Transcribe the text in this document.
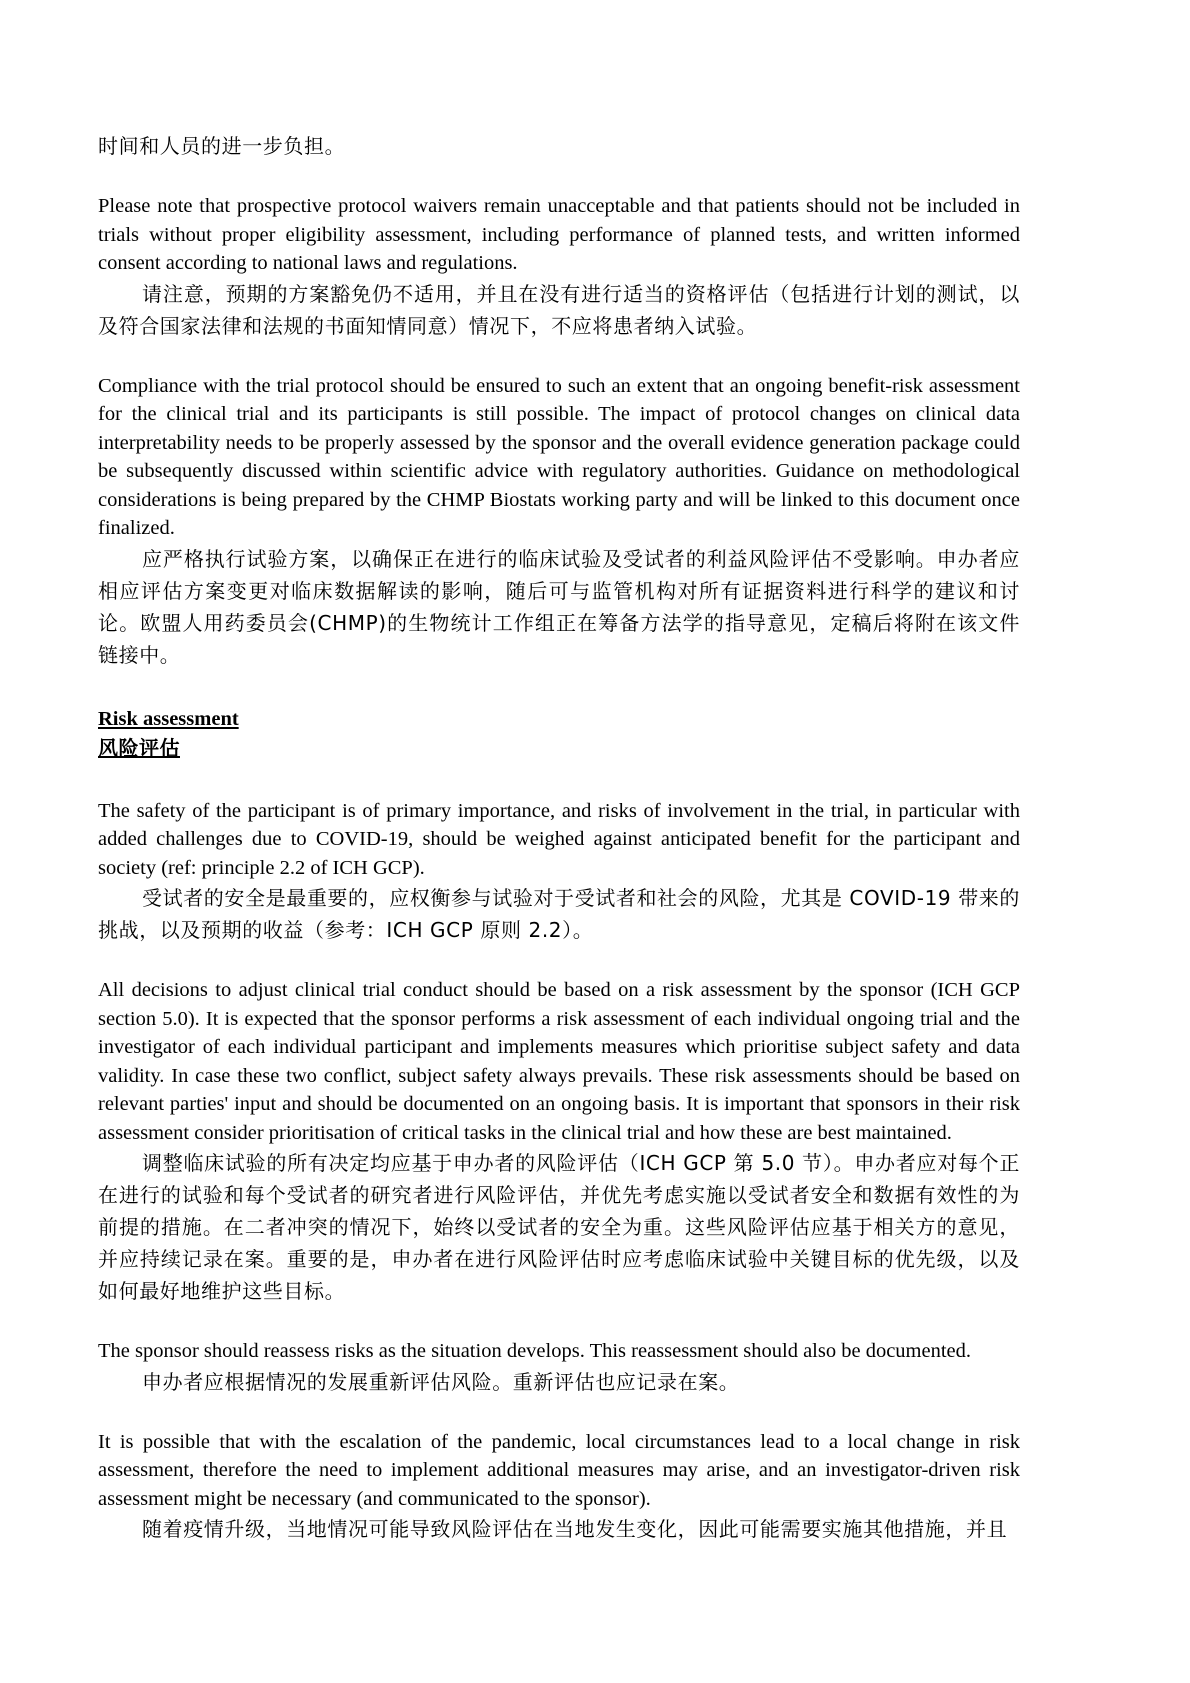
时间和人员的进一步负担。

Please note that prospective protocol waivers remain unacceptable and that patients should not be included in trials without proper eligibility assessment, including performance of planned tests, and written informed consent according to national laws and regulations.

请注意，预期的方案豁免仍不适用，并且在没有进行适当的资格评估（包括进行计划的测试，以及符合国家法律和法规的书面知情同意）情况下，不应将患者纳入试验。

Compliance with the trial protocol should be ensured to such an extent that an ongoing benefit-risk assessment for the clinical trial and its participants is still possible. The impact of protocol changes on clinical data interpretability needs to be properly assessed by the sponsor and the overall evidence generation package could be subsequently discussed within scientific advice with regulatory authorities. Guidance on methodological considerations is being prepared by the CHMP Biostats working party and will be linked to this document once finalized.

应严格执行试验方案，以确保正在进行的临床试验及受试者的利益风险评估不受影响。申办者应相应评估方案变更对临床数据解读的影响，随后可与监管机构对所有证据资料进行科学的建议和讨论。欧盟人用药委员会(CHMP)的生物统计工作组正在筹备方法学的指导意见，定稿后将附在该文件链接中。

Risk assessment

风险评估

The safety of the participant is of primary importance, and risks of involvement in the trial, in particular with added challenges due to COVID-19, should be weighed against anticipated benefit for the participant and society (ref: principle 2.2 of ICH GCP).

受试者的安全是最重要的，应权衡参与试验对于受试者和社会的风险，尤其是 COVID-19 带来的挑战，以及预期的收益（参考：ICH GCP 原则 2.2）。

All decisions to adjust clinical trial conduct should be based on a risk assessment by the sponsor (ICH GCP section 5.0). It is expected that the sponsor performs a risk assessment of each individual ongoing trial and the investigator of each individual participant and implements measures which prioritise subject safety and data validity. In case these two conflict, subject safety always prevails. These risk assessments should be based on relevant parties' input and should be documented on an ongoing basis. It is important that sponsors in their risk assessment consider prioritisation of critical tasks in the clinical trial and how these are best maintained.

调整临床试验的所有决定均应基于申办者的风险评估（ICH GCP 第 5.0 节）。申办者应对每个正在进行的试验和每个受试者的研究者进行风险评估，并优先考虑实施以受试者安全和数据有效性的为前提的措施。在二者冲突的情况下，始终以受试者的安全为重。这些风险评估应基于相关方的意见，并应持续记录在案。重要的是，申办者在进行风险评估时应考虑临床试验中关键目标的优先级，以及如何最好地维护这些目标。

The sponsor should reassess risks as the situation develops. This reassessment should also be documented.

申办者应根据情况的发展重新评估风险。重新评估也应记录在案。

It is possible that with the escalation of the pandemic, local circumstances lead to a local change in risk assessment, therefore the need to implement additional measures may arise, and an investigator-driven risk assessment might be necessary (and communicated to the sponsor).

随着疫情升级，当地情况可能导致风险评估在当地发生变化，因此可能需要实施其他措施，并且
